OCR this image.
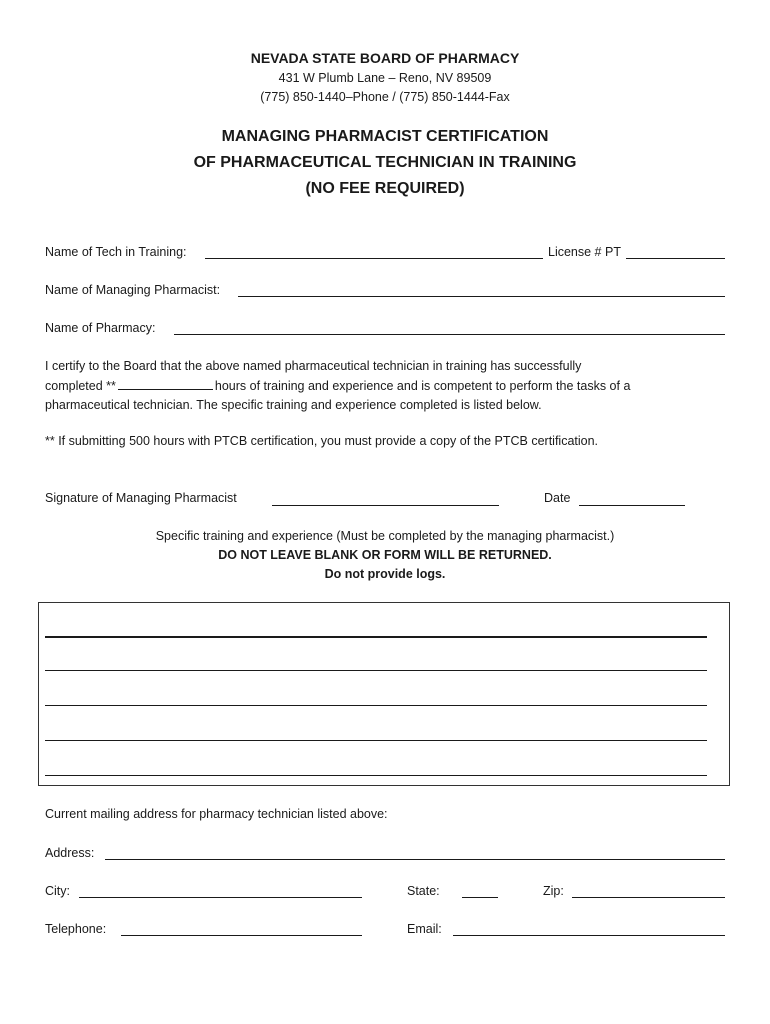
NEVADA STATE BOARD OF PHARMACY
431 W Plumb Lane – Reno, NV 89509
(775) 850-1440–Phone / (775) 850-1444-Fax
MANAGING PHARMACIST CERTIFICATION
OF PHARMACEUTICAL TECHNICIAN IN TRAINING
(NO FEE REQUIRED)
Name of Tech in Training:	License # PT
Name of Managing Pharmacist:
Name of Pharmacy:
I certify to the Board that the above named pharmaceutical technician in training has successfully
completed **	hours of training and experience and is competent to perform the tasks of a
pharmaceutical technician. The specific training and experience completed is listed below.
** If submitting 500 hours with PTCB certification, you must provide a copy of the PTCB certification.
Signature of Managing Pharmacist	Date
Specific training and experience (Must be completed by the managing pharmacist.)
DO NOT LEAVE BLANK OR FORM WILL BE RETURNED.
Do not provide logs.
Current mailing address for pharmacy technician listed above:
Address:
City:	State:	Zip:
Telephone:	Email:
